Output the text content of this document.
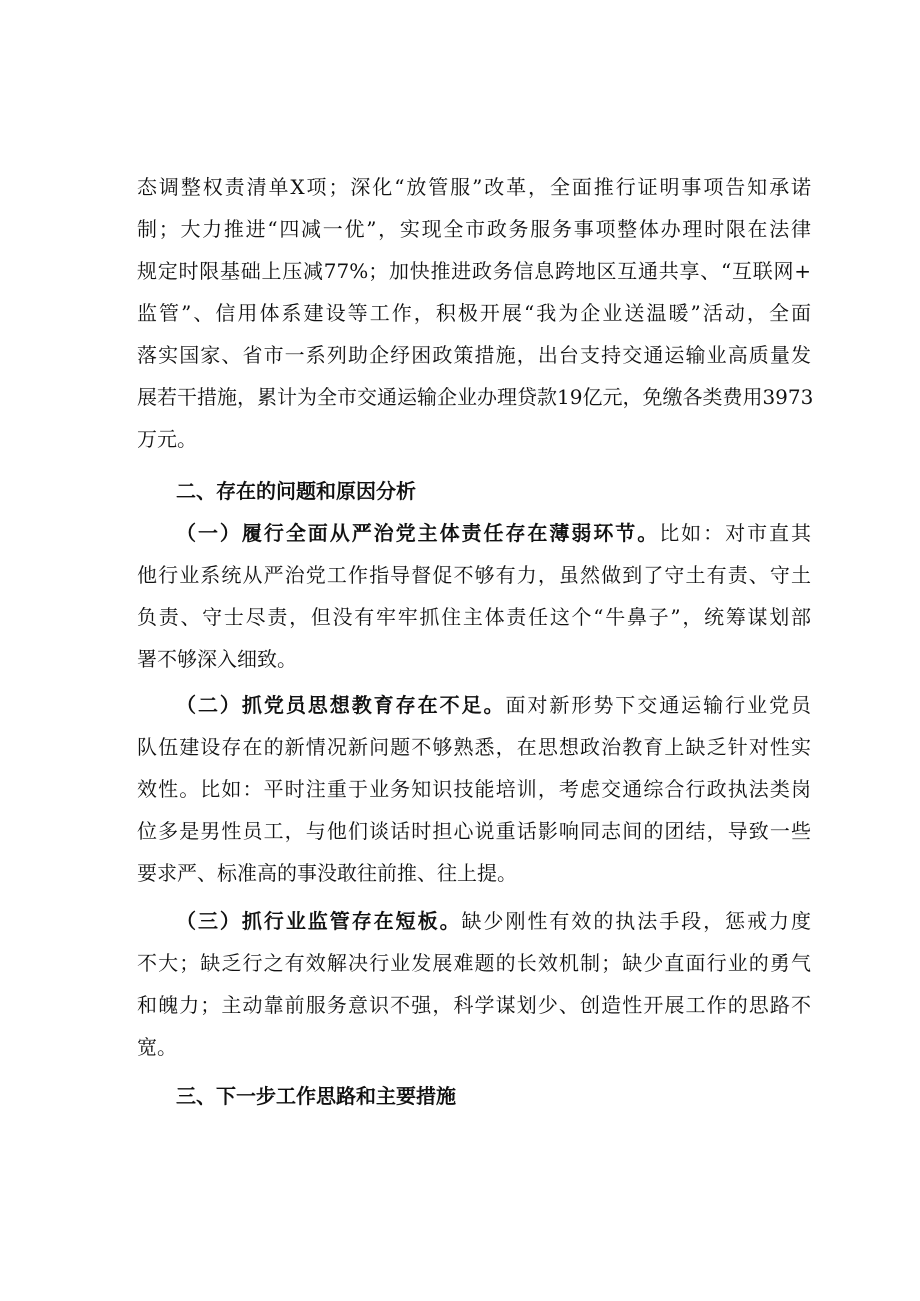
态调整权责清单X项；深化“放管服”改革，全面推行证明事项告知承诺
制；大力推进“四减一优”，实现全市政务服务事项整体办理时限在法律
规定时限基础上压减77%；加快推进政务信息跨地区互通共享、“互联网+
监管”、信用体系建设等工作，积极开展“我为企业送温暖”活动，全面
落实国家、省市一系列助企纾困政策措施，出台支持交通运输业高质量发
展若干措施，累计为全市交通运输企业办理贷款19亿元，免缴各类费用3973
万元。
二、存在的问题和原因分析
（一）履行全面从严治党主体责任存在薄弱环节。比如：对市直其
他行业系统从严治党工作指导督促不够有力，虽然做到了守土有责、守土
负责、守士尽责，但没有牢牢抓住主体责任这个“牛鼻子”，统筹谋划部
署不够深入细致。
（二）抓党员思想教育存在不足。面对新形势下交通运输行业党员
队伍建设存在的新情况新问题不够熟悉，在思想政治教育上缺乏针对性实
效性。比如：平时注重于业务知识技能培训，考虑交通综合行政执法类岗
位多是男性员工，与他们谈话时担心说重话影响同志间的团结，导致一些
要求严、标准高的事没敢往前推、往上提。
（三）抓行业监管存在短板。缺少刚性有效的执法手段，惩戒力度
不大；缺乏行之有效解决行业发展难题的长效机制；缺少直面行业的勇气
和魄力；主动靠前服务意识不强，科学谋划少、创造性开展工作的思路不
宽。
三、下一步工作思路和主要措施
